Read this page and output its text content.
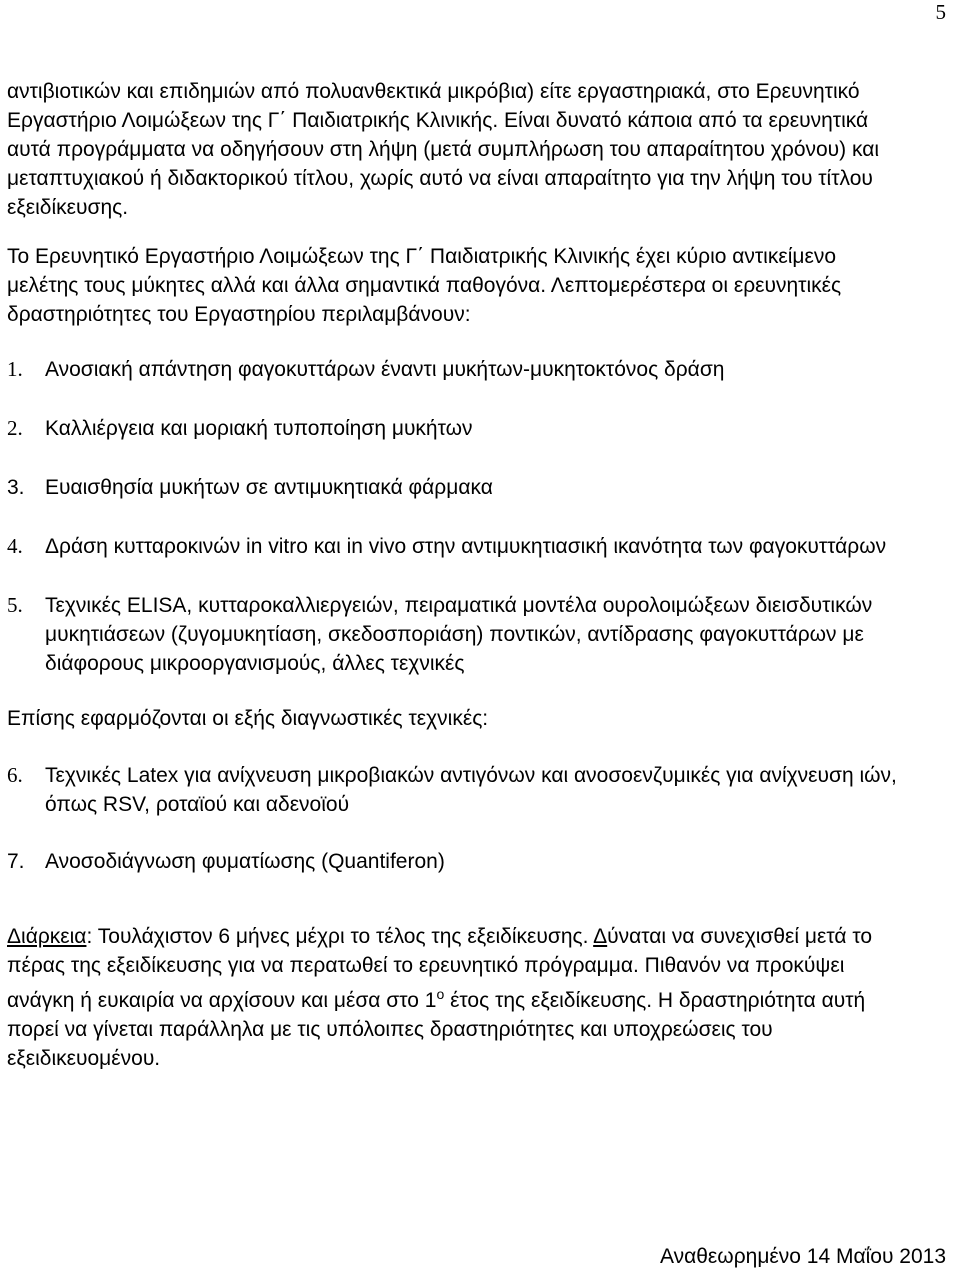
5

αντιβιοτικών και επιδημιών από πολυανθεκτικά μικρόβια) είτε εργαστηριακά, στο Ερευνητικό Εργαστήριο Λοιμώξεων της Γ΄ Παιδιατρικής Κλινικής. Είναι δυνατό κάποια από τα ερευνητικά αυτά προγράμματα να οδηγήσουν στη λήψη (μετά συμπλήρωση του απαραίτητου χρόνου) και μεταπτυχιακού ή διδακτορικού τίτλου, χωρίς αυτό να είναι απαραίτητο για την λήψη του τίτλου εξειδίκευσης.

Το Ερευνητικό Εργαστήριο Λοιμώξεων της Γ΄ Παιδιατρικής Κλινικής έχει κύριο αντικείμενο μελέτης τους μύκητες αλλά και άλλα σημαντικά παθογόνα. Λεπτομερέστερα οι ερευνητικές δραστηριότητες του Εργαστηρίου περιλαμβάνουν:

1.	Ανοσιακή απάντηση φαγοκυττάρων έναντι μυκήτων-μυκητοκτόνος δράση
2.	Καλλιέργεια και μοριακή τυποποίηση μυκήτων
3. Ευαισθησία μυκήτων σε αντιμυκητιακά φάρμακα
4.	Δράση κυτταροκινών in vitro και in vivo στην αντιμυκητιασική ικανότητα των φαγοκυττάρων
5.	Τεχνικές ELISA, κυτταροκαλλιεργειών, πειραματικά μοντέλα ουρολοιμώξεων διεισδυτικών μυκητιάσεων (ζυγομυκητίαση, σκεδοσποριάση) ποντικών, αντίδρασης φαγοκυττάρων με διάφορους μικροοργανισμούς, άλλες τεχνικές

Επίσης εφαρμόζονται οι εξής διαγνωστικές τεχνικές:

6.	Τεχνικές Latex για ανίχνευση μικροβιακών αντιγόνων και ανοσοενζυμικές για ανίχνευση ιών, όπως RSV, ροταϊού και αδενοϊού
7. Ανοσοδιάγνωση φυματίωσης (Quantiferon)

Διάρκεια: Τουλάχιστον 6 μήνες μέχρι το τέλος της εξειδίκευσης. Δύναται να συνεχισθεί μετά το πέρας της εξειδίκευσης για να περατωθεί το ερευνητικό πρόγραμμα. Πιθανόν να προκύψει ανάγκη ή ευκαιρία να αρχίσουν και μέσα στο $1^o$ έτος της εξειδίκευσης. Η δραστηριότητα αυτή πορεί να γίνεται παράλληλα με τις υπόλοιπες δραστηριότητες και υποχρεώσεις του εξειδικευομένου.

Αναθεωρημένο 14 Μαΐου 2013
